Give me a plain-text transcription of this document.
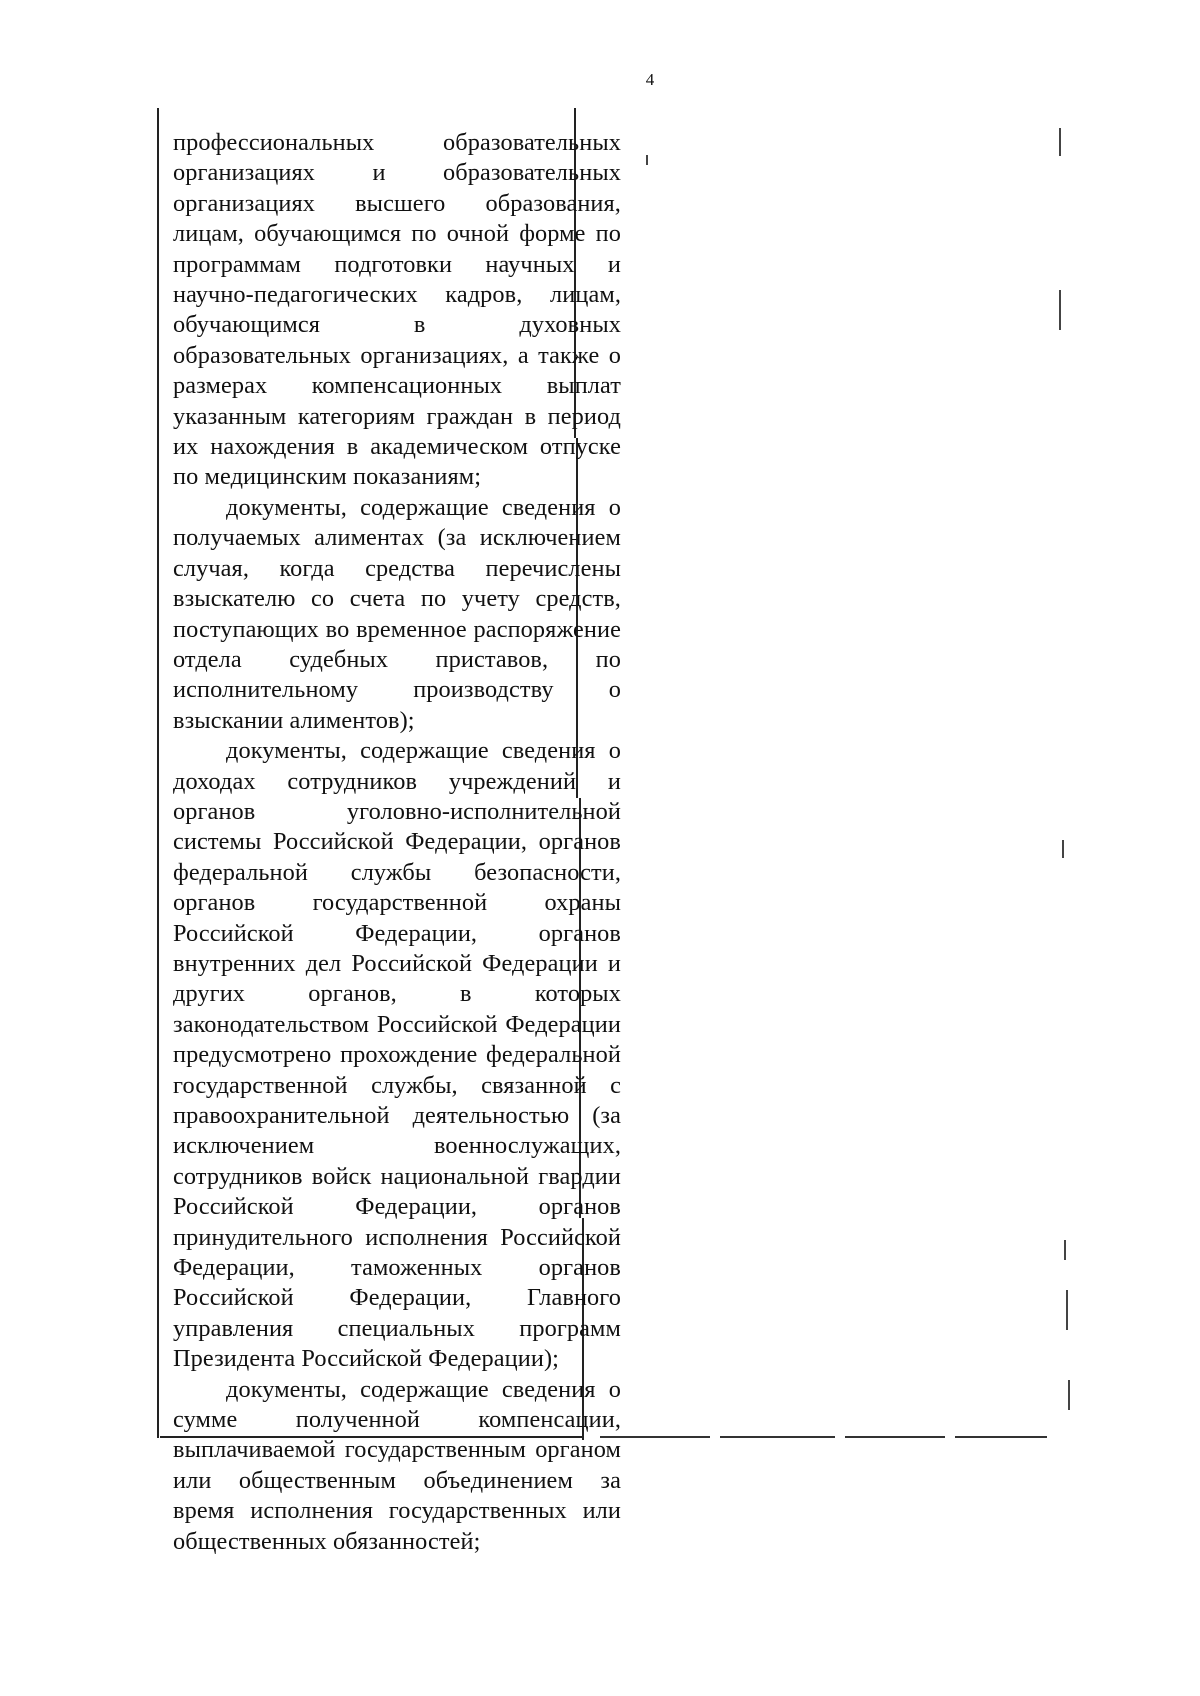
4

профессиональных образовательных организациях и образовательных организациях высшего образования, лицам, обучающимся по очной форме по программам подготовки научных и научно-педагогических кадров, лицам, обучающимся в духовных образовательных организациях, а также о размерах компенсационных выплат указанным категориям граждан в период их нахождения в академическом отпуске по медицинским показаниям;

документы, содержащие сведения о получаемых алиментах (за исключением случая, когда средства перечислены взыскателю со счета по учету средств, поступающих во временное распоряжение отдела судебных приставов, по исполнительному производству о взыскании алиментов);

документы, содержащие сведения о доходах сотрудников учреждений и органов уголовно-исполнительной системы Российской Федерации, органов федеральной службы безопасности, органов государственной охраны Российской Федерации, органов внутренних дел Российской Федерации и других органов, в которых законодательством Российской Федерации предусмотрено прохождение федеральной государственной службы, связанной с правоохранительной деятельностью (за исключением военнослужащих, сотрудников войск национальной гвардии Российской Федерации, органов принудительного исполнения Российской Федерации, таможенных органов Российской Федерации, Главного управления специальных программ Президента Российской Федерации);

документы, содержащие сведения о сумме полученной компенсации, выплачиваемой государственным органом или общественным объединением за время исполнения государственных или общественных обязанностей;
